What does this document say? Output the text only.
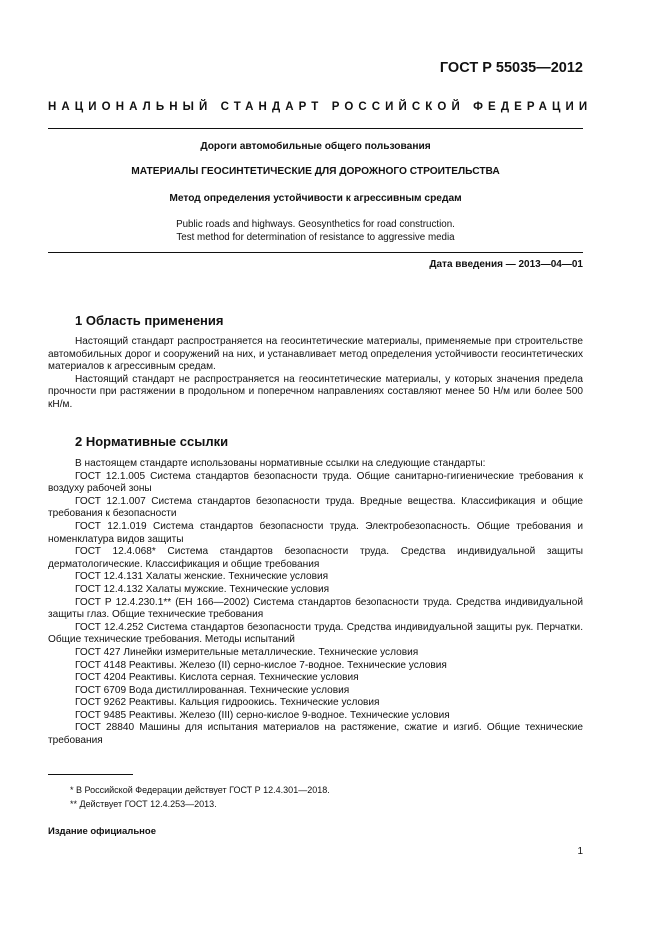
ГОСТ Р 55035—2012
НАЦИОНАЛЬНЫЙ СТАНДАРТ РОССИЙСКОЙ ФЕДЕРАЦИИ
Дороги автомобильные общего пользования
МАТЕРИАЛЫ ГЕОСИНТЕТИЧЕСКИЕ ДЛЯ ДОРОЖНОГО СТРОИТЕЛЬСТВА
Метод определения устойчивости к агрессивным средам
Public roads and highways. Geosynthetics for road construction.
Test method for determination of resistance to aggressive media
Дата введения — 2013—04—01
1 Область применения

Настоящий стандарт распространяется на геосинтетические материалы, применяемые при строительстве автомобильных дорог и сооружений на них, и устанавливает метод определения устойчивости геосинтетических материалов к агрессивным средам.

Настоящий стандарт не распространяется на геосинтетические материалы, у которых значения предела прочности при растяжении в продольном и поперечном направлениях составляют менее 50 Н/м или более 500 кН/м.

2 Нормативные ссылки

В настоящем стандарте использованы нормативные ссылки на следующие стандарты:

ГОСТ 12.1.005 Система стандартов безопасности труда. Общие санитарно-гигиенические требования к воздуху рабочей зоны

ГОСТ 12.1.007 Система стандартов безопасности труда. Вредные вещества. Классификация и общие требования к безопасности

ГОСТ 12.1.019 Система стандартов безопасности труда. Электробезопасность. Общие требования и номенклатура видов защиты

ГОСТ 12.4.068* Система стандартов безопасности труда. Средства индивидуальной защиты дерматологические. Классификация и общие требования

ГОСТ 12.4.131 Халаты женские. Технические условия

ГОСТ 12.4.132 Халаты мужские. Технические условия

ГОСТ Р 12.4.230.1** (ЕН 166—2002) Система стандартов безопасности труда. Средства индивидуальной защиты глаз. Общие технические требования

ГОСТ 12.4.252 Система стандартов безопасности труда. Средства индивидуальной защиты рук. Перчатки. Общие технические требования. Методы испытаний

ГОСТ 427 Линейки измерительные металлические. Технические условия

ГОСТ 4148 Реактивы. Железо (II) серно-кислое 7-водное. Технические условия

ГОСТ 4204 Реактивы. Кислота серная. Технические условия

ГОСТ 6709 Вода дистиллированная. Технические условия

ГОСТ 9262 Реактивы. Кальция гидроокись. Технические условия

ГОСТ 9485 Реактивы. Железо (III) серно-кислое 9-водное. Технические условия

ГОСТ 28840 Машины для испытания материалов на растяжение, сжатие и изгиб. Общие технические требования

* В Российской Федерации действует ГОСТ Р 12.4.301—2018.
** Действует ГОСТ 12.4.253—2013.
Издание официальное
1
